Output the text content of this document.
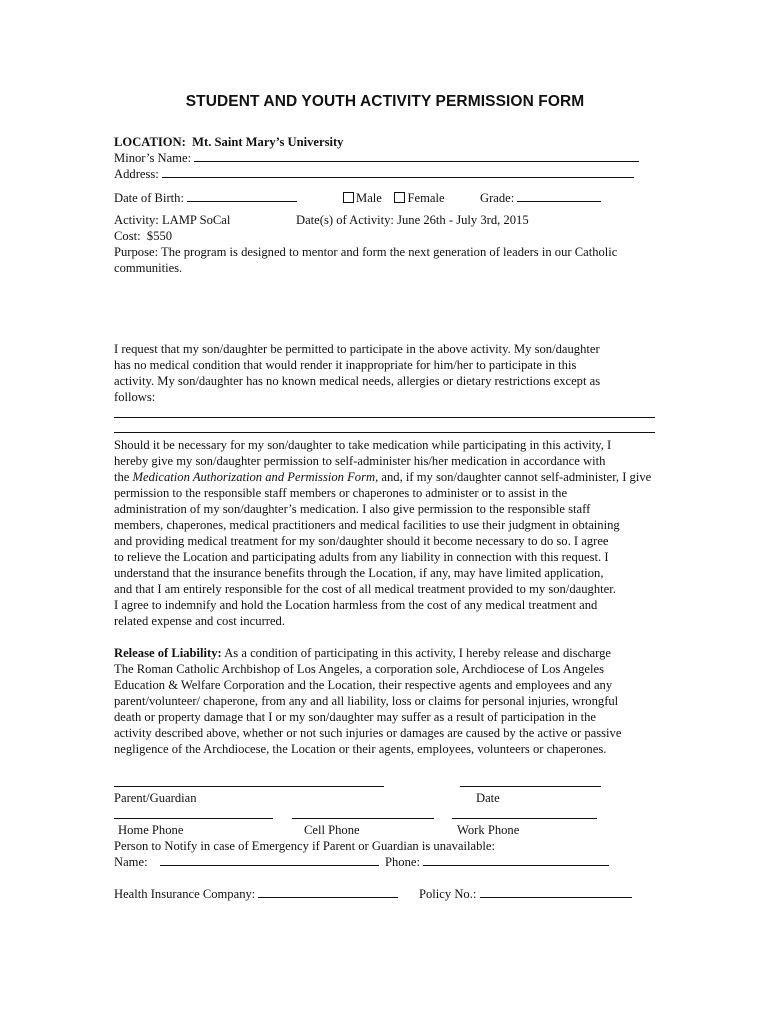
STUDENT AND YOUTH ACTIVITY PERMISSION FORM
LOCATION: Mt. Saint Mary’s University
Minor’s Name:
Address:
Date of Birth:	Male Female	Grade:
Activity: LAMP SoCal	Date(s) of Activity: June 26th - July 3rd, 2015
Cost: $550
Purpose: The program is designed to mentor and form the next generation of leaders in our Catholic
communities.
I request that my son/daughter be permitted to participate in the above activity. My son/daughter
has no medical condition that would render it inappropriate for him/her to participate in this
activity. My son/daughter has no known medical needs, allergies or dietary restrictions except as
follows:
Should it be necessary for my son/daughter to take medication while participating in this activity, I
hereby give my son/daughter permission to self-administer his/her medication in accordance with
the Medication Authorization and Permission Form, and, if my son/daughter cannot self-administer, I give
permission to the responsible staff members or chaperones to administer or to assist in the
administration of my son/daughter’s medication. I also give permission to the responsible staff
members, chaperones, medical practitioners and medical facilities to use their judgment in obtaining
and providing medical treatment for my son/daughter should it become necessary to do so. I agree
to relieve the Location and participating adults from any liability in connection with this request. I
understand that the insurance benefits through the Location, if any, may have limited application,
and that I am entirely responsible for the cost of all medical treatment provided to my son/daughter.
I agree to indemnify and hold the Location harmless from the cost of any medical treatment and
related expense and cost incurred.
Release of Liability: As a condition of participating in this activity, I hereby release and discharge
The Roman Catholic Archbishop of Los Angeles, a corporation sole, Archdiocese of Los Angeles
Education & Welfare Corporation and the Location, their respective agents and employees and any
parent/volunteer/ chaperone, from any and all liability, loss or claims for personal injuries, wrongful
death or property damage that I or my son/daughter may suffer as a result of participation in the
activity described above, whether or not such injuries or damages are caused by the active or passive
negligence of the Archdiocese, the Location or their agents, employees, volunteers or chaperones.
Parent/Guardian	Date
Home Phone	Cell Phone	Work Phone
Person to Notify in case of Emergency if Parent or Guardian is unavailable:
Name:	Phone:
Health Insurance Company:	Policy No.:
